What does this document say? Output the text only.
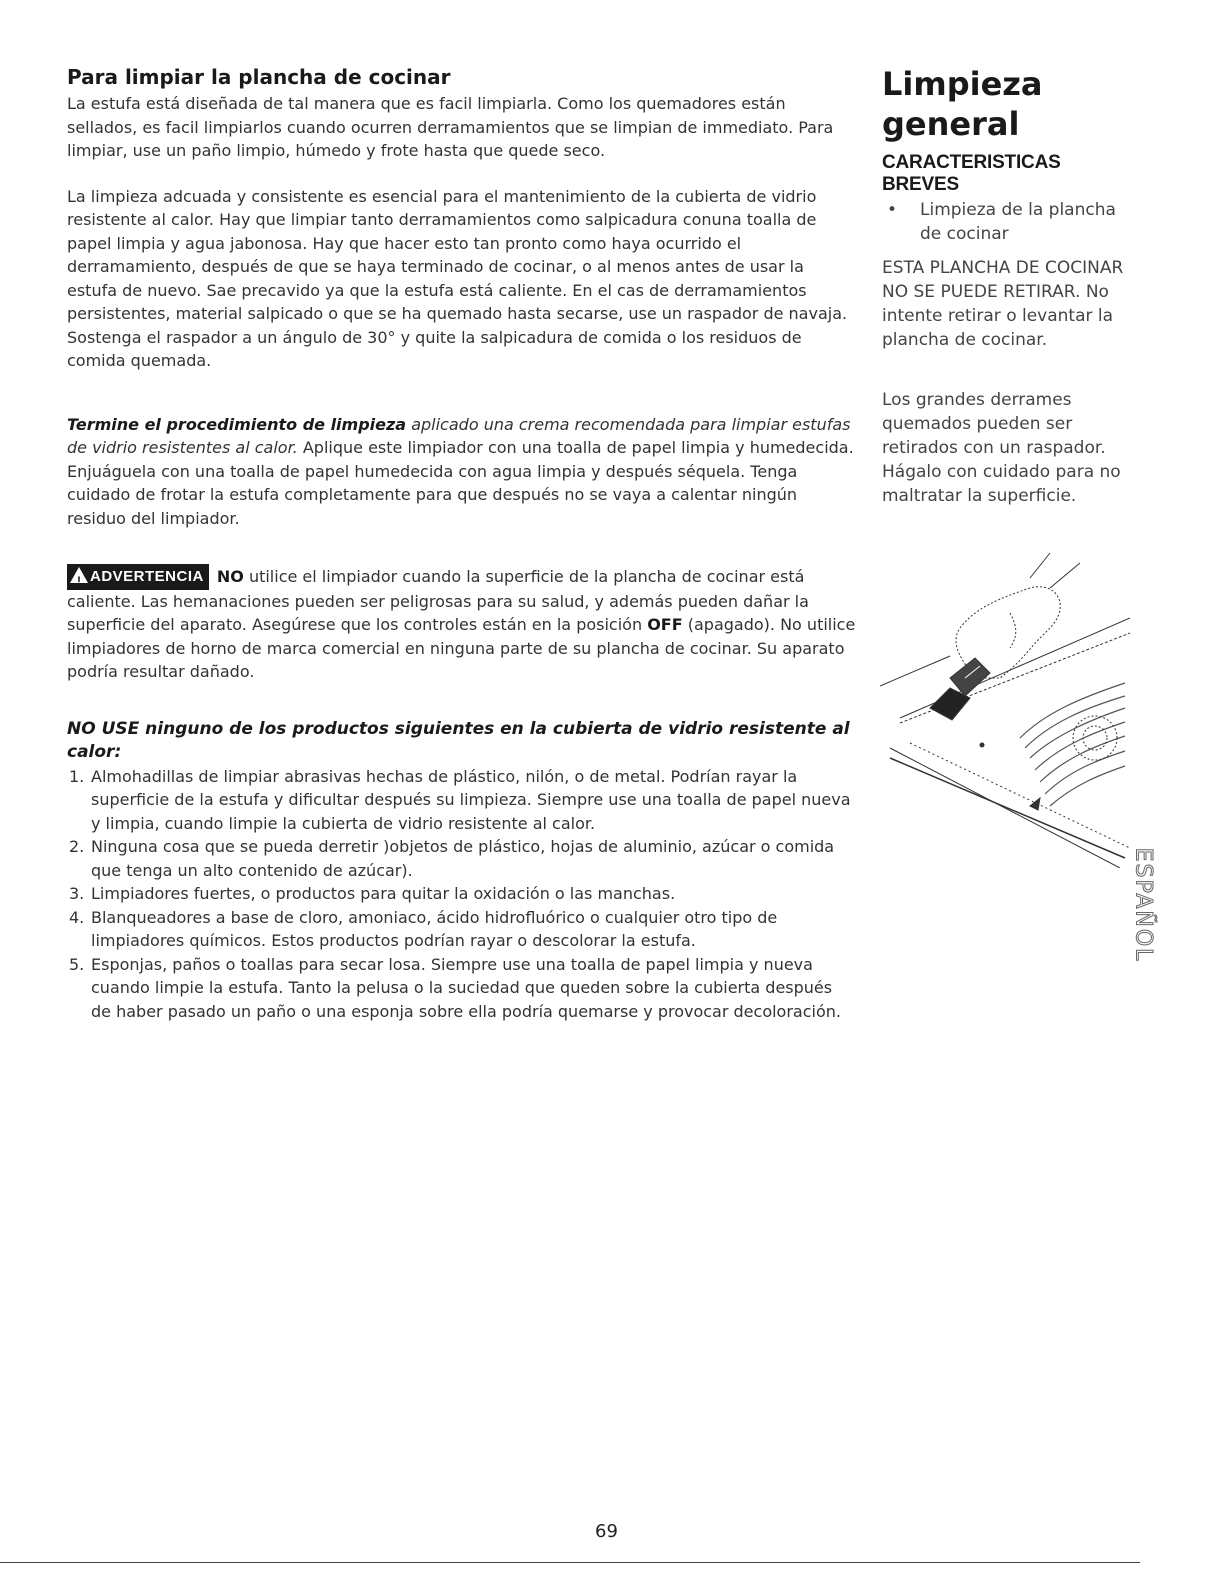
Para limpiar la plancha de cocinar

La estufa está diseñada de tal manera que es facil limpiarla. Como los quemadores están sellados, es facil limpiarlos cuando ocurren derramamientos que se limpian de immediato. Para limpiar, use un paño limpio, húmedo y frote hasta que quede seco.

La limpieza adcuada y consistente es esencial para el mantenimiento de la cubierta de vidrio resistente al calor. Hay que limpiar tanto derramamientos como salpicadura conuna toalla de papel limpia y agua jabonosa. Hay que hacer esto tan pronto como haya ocurrido el derramamiento, después de que se haya terminado de cocinar, o al menos antes de usar la estufa de nuevo. Sae precavido ya que la estufa está caliente. En el cas de derramamientos persistentes, material salpicado o que se ha quemado hasta secarse, use un raspador de navaja. Sostenga el raspador a un ángulo de 30° y quite la salpicadura de comida o los residuos de comida quemada.

Termine el procedimiento de limpieza aplicado una crema recomendada para limpiar estufas de vidrio resistentes al calor. Aplique este limpiador con una toalla de papel limpia y humedecida. Enjuáguela con una toalla de papel humedecida con agua limpia y después séquela. Tenga cuidado de frotar la estufa completamente para que después no se vaya a calentar ningún residuo del limpiador.

! ADVERTENCIA NO utilice el limpiador cuando la superficie de la plancha de cocinar está caliente. Las hemanaciones pueden ser peligrosas para su salud, y además pueden dañar la superficie del aparato. Asegúrese que los controles están en la posición OFF (apagado). No utilice limpiadores de horno de marca comercial en ninguna parte de su plancha de cocinar. Su aparato podría resultar dañado.

NO USE ninguno de los productos siguientes en la cubierta de vidrio resistente al calor:

1. Almohadillas de limpiar abrasivas hechas de plástico, nilón, o de metal. Podrían rayar la superficie de la estufa y dificultar después su limpieza. Siempre use una toalla de papel nueva y limpia, cuando limpie la cubierta de vidrio resistente al calor.
2. Ninguna cosa que se pueda derretir )objetos de plástico, hojas de aluminio, azúcar o comida que tenga un alto contenido de azúcar).
3. Limpiadores fuertes, o productos para quitar la oxidación o las manchas.
4. Blanqueadores a base de cloro, amoniaco, ácido hidrofluórico o cualquier otro tipo de limpiadores químicos. Estos productos podrían rayar o descolorar la estufa.
5. Esponjas, paños o toallas para secar losa. Siempre use una toalla de papel limpia y nueva cuando limpie la estufa. Tanto la pelusa o la suciedad que queden sobre la cubierta después de haber pasado un paño o una esponja sobre ella podría quemarse y provocar decoloración.
Limpieza
general
CARACTERISTICAS BREVES
• Limpieza de la plancha de cocinar

ESTA PLANCHA DE COCINAR NO SE PUEDE RETIRAR. No intente retirar o levantar la plancha de cocinar.

Los grandes derrames quemados pueden ser retirados con un raspador. Hágalo con cuidado para no maltratar la superficie.

ESPAÑOL
69
